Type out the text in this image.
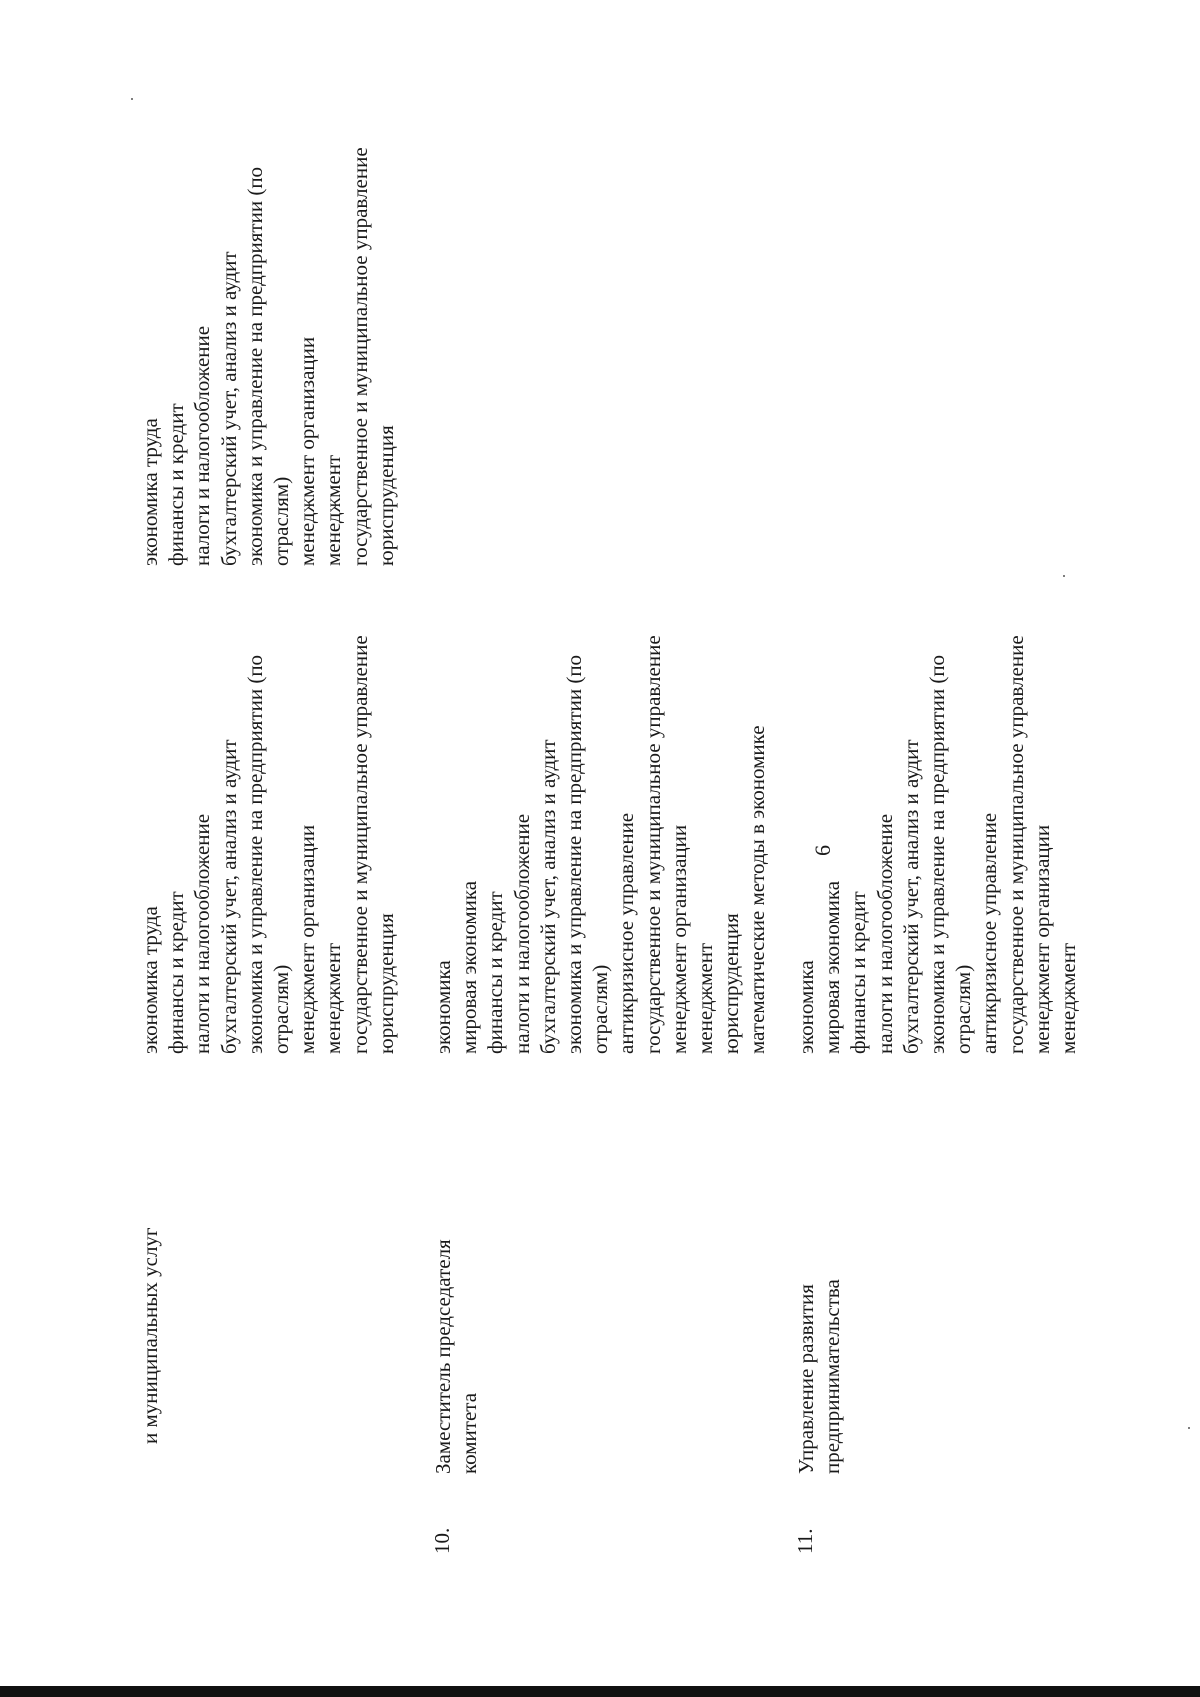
6
и муниципальных услуг
экономика труда финансы и кредит налоги и налогообложение бухгалтерский учет, анализ и аудит экономика и управление на предприятии (по отраслям) менеджмент организации менеджмент государственное и муниципальное управление юриспруденция
экономика труда финансы и кредит налоги и налогообложение бухгалтерский учет, анализ и аудит экономика и управление на предприятии (по отраслям) менеджмент организации менеджмент государственное и муниципальное управление юриспруденция
10.
Заместитель председателя комитета
экономика мировая экономика финансы и кредит налоги и налогообложение бухгалтерский учет, анализ и аудит экономика и управление на предприятии (по отраслям) антикризисное управление государственное и муниципальное управление менеджмент организации менеджмент юриспруденция математические методы в экономике
11.
Управление развития предпринимательства
экономика мировая экономика финансы и кредит налоги и налогообложение бухгалтерский учет, анализ и аудит экономика и управление на предприятии (по отраслям) антикризисное управление государственное и муниципальное управление менеджмент организации менеджмент
